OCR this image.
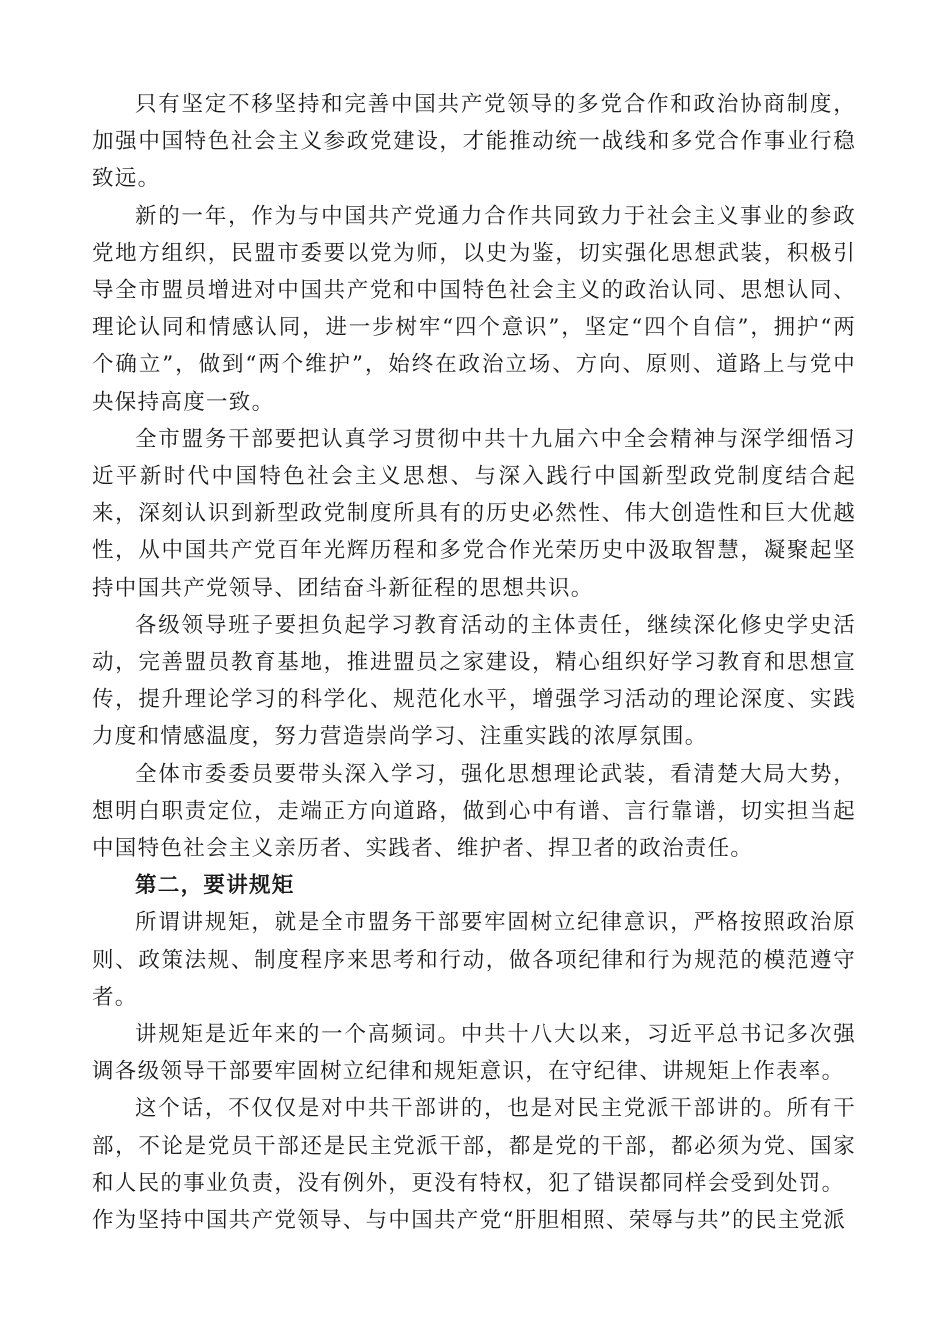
只有坚定不移坚持和完善中国共产党领导的多党合作和政治协商制度，加强中国特色社会主义参政党建设，才能推动统一战线和多党合作事业行稳致远。

新的一年，作为与中国共产党通力合作共同致力于社会主义事业的参政党地方组织，民盟市委要以党为师，以史为鉴，切实强化思想武装，积极引导全市盟员增进对中国共产党和中国特色社会主义的政治认同、思想认同、理论认同和情感认同，进一步树牢“四个意识”，坚定“四个自信”，拥护“两个确立”，做到“两个维护”，始终在政治立场、方向、原则、道路上与党中央保持高度一致。

全市盟务干部要把认真学习贯彻中共十九届六中全会精神与深学细悟习近平新时代中国特色社会主义思想、与深入践行中国新型政党制度结合起来，深刻认识到新型政党制度所具有的历史必然性、伟大创造性和巨大优越性，从中国共产党百年光辉历程和多党合作光荣历史中汲取智慧，凝聚起坚持中国共产党领导、团结奋斗新征程的思想共识。

各级领导班子要担负起学习教育活动的主体责任，继续深化修史学史活动，完善盟员教育基地，推进盟员之家建设，精心组织好学习教育和思想宣传，提升理论学习的科学化、规范化水平，增强学习活动的理论深度、实践力度和情感温度，努力营造崇尚学习、注重实践的浓厚氛围。

全体市委委员要带头深入学习，强化思想理论武装，看清楚大局大势，想明白职责定位，走端正方向道路，做到心中有谱、言行靠谱，切实担当起中国特色社会主义亲历者、实践者、维护者、捍卫者的政治责任。

第二，要讲规矩

所谓讲规矩，就是全市盟务干部要牢固树立纪律意识，严格按照政治原则、政策法规、制度程序来思考和行动，做各项纪律和行为规范的模范遵守者。

讲规矩是近年来的一个高频词。中共十八大以来，习近平总书记多次强调各级领导干部要牢固树立纪律和规矩意识，在守纪律、讲规矩上作表率。

这个话，不仅仅是对中共干部讲的，也是对民主党派干部讲的。所有干部，不论是党员干部还是民主党派干部，都是党的干部，都必须为党、国家和人民的事业负责，没有例外，更没有特权，犯了错误都同样会受到处罚。

作为坚持中国共产党领导、与中国共产党“肝胆相照、荣辱与共”的民主党派
